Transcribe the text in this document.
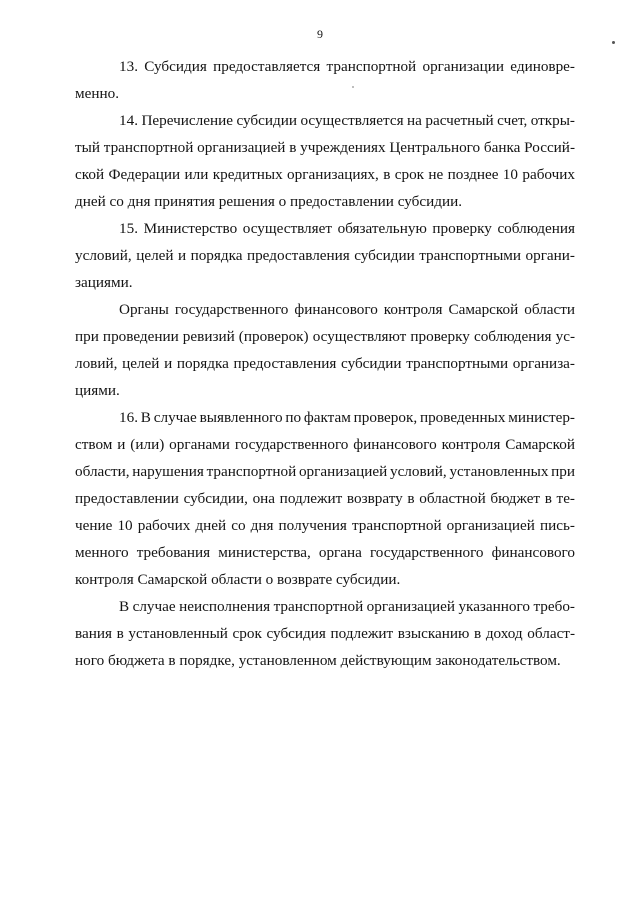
9
13. Субсидия предоставляется транспортной организации единовре-
менно.
14. Перечисление субсидии осуществляется на расчетный счет, откры-
тый транспортной организацией в учреждениях Центрального банка Россий-
ской Федерации или кредитных организациях, в срок не позднее 10 рабочих
дней со дня принятия решения о предоставлении субсидии.
15. Министерство осуществляет обязательную проверку соблюдения
условий, целей и порядка предоставления субсидии транспортными органи-
зациями.
Органы государственного финансового контроля Самарской области
при проведении ревизий (проверок) осуществляют проверку соблюдения ус-
ловий, целей и порядка предоставления субсидии транспортными организа-
циями.
16. В случае выявленного по фактам проверок, проведенных министер-
ством и (или) органами государственного финансового контроля Самарской
области, нарушения транспортной организацией условий, установленных при
предоставлении субсидии, она подлежит возврату в областной бюджет в те-
чение 10 рабочих дней со дня получения транспортной организацией пись-
менного требования министерства, органа государственного финансового
контроля Самарской области о возврате субсидии.
В случае неисполнения транспортной организацией указанного требо-
вания в установленный срок субсидия подлежит взысканию в доход област-
ного бюджета в порядке, установленном действующим законодательством.
